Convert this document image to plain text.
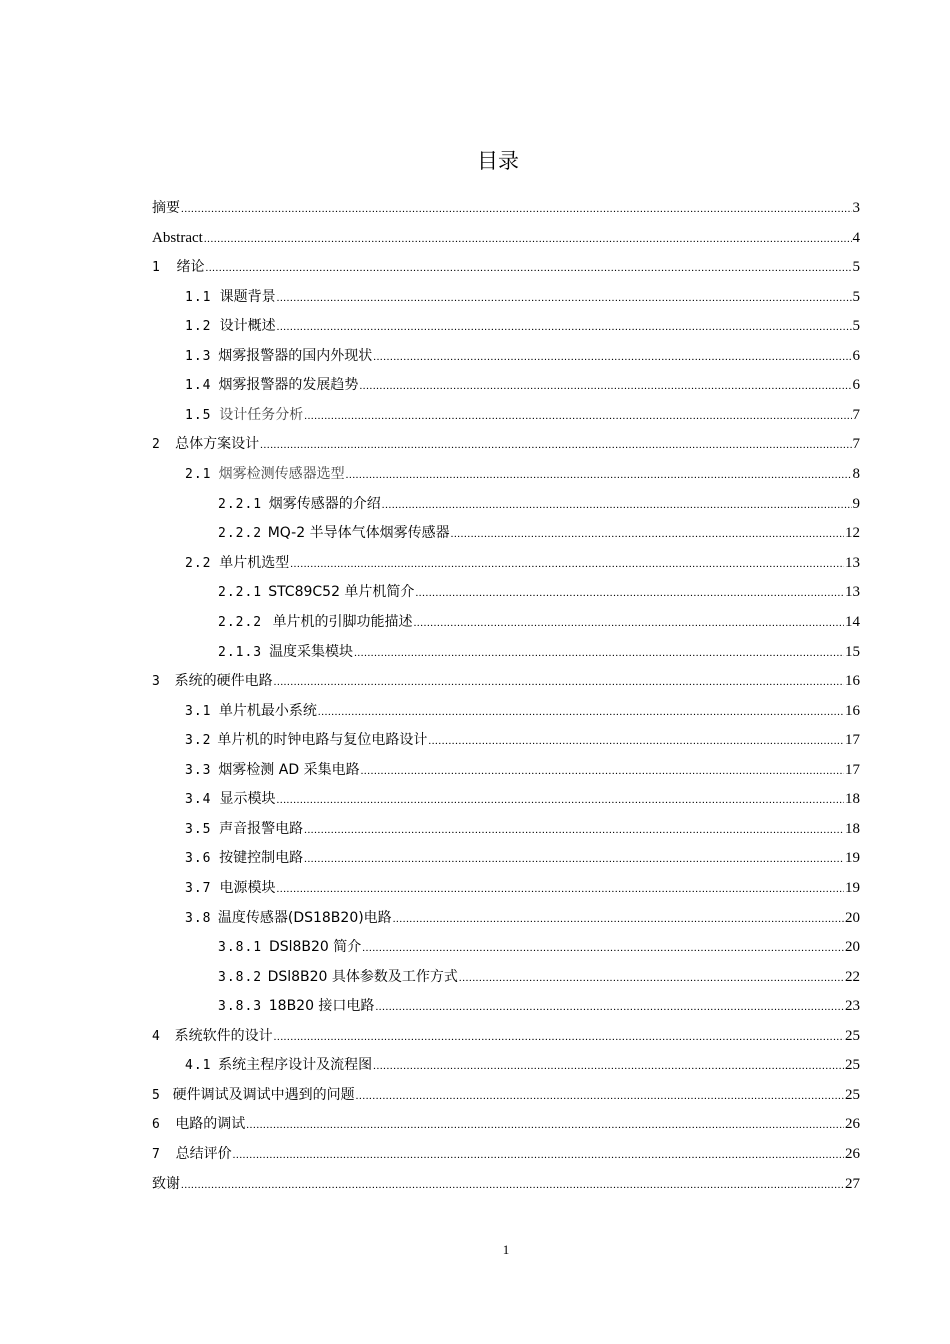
目录
摘要 .....	3
Abstract .....	4
1 绪论 .....	5
1.1 课题背景 .....	5
1.2 设计概述 .....	5
1.3 烟雾报警器的国内外现状 .....	6
1.4 烟雾报警器的发展趋势 .....	6
1.5 设计任务分析 .....	7
2 总体方案设计 .....	7
2.1 烟雾检测传感器选型 .....	8
2.2.1 烟雾传感器的介绍 .....	9
2.2.2 MQ-2 半导体气体烟雾传感器 .....	12
2.2 单片机选型 .....	13
2.2.1 STC89C52 单片机简介 .....	13
2.2.2 单片机的引脚功能描述 .....	14
2.1.3 温度采集模块 .....	15
3 系统的硬件电路 .....	16
3.1 单片机最小系统 .....	16
3.2 单片机的时钟电路与复位电路设计 .....	17
3.3 烟雾检测 AD 采集电路 .....	17
3.4 显示模块 .....	18
3.5 声音报警电路 .....	18
3.6 按键控制电路 .....	19
3.7 电源模块 .....	19
3.8 温度传感器(DS18B20)电路 .....	20
3.8.1 DSl8B20 简介 .....	20
3.8.2 DSl8B20 具体参数及工作方式 .....	22
3.8.3 18B20 接口电路 .....	23
4 系统软件的设计 .....	25
4.1 系统主程序设计及流程图 .....	25
5 硬件调试及调试中遇到的问题 .....	25
6 电路的调试 .....	26
7 总结评价 .....	26
致谢 .....	27
1
